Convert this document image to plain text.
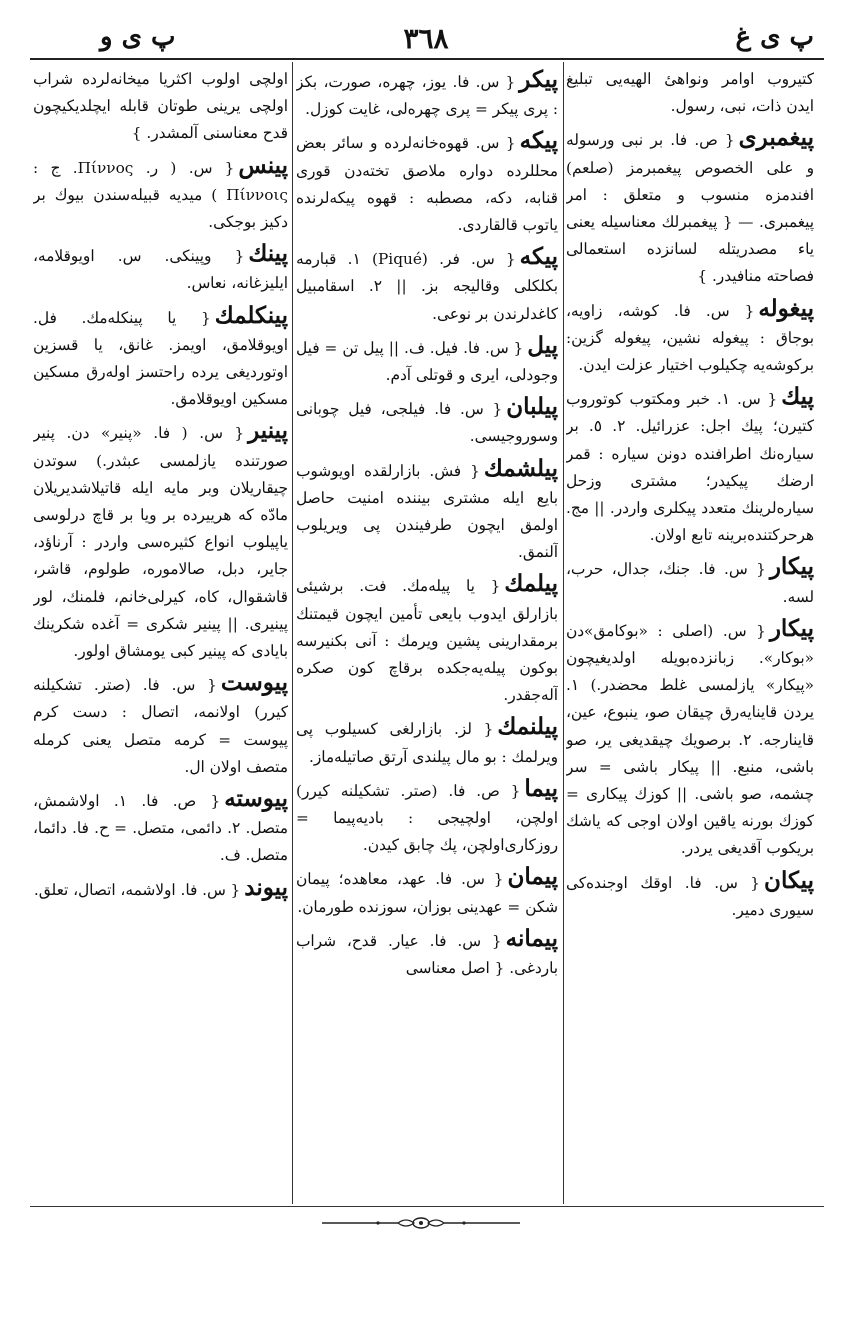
پ ى غ
٣٦٨
پ ى و
كتيروب اوامر ونواهىٔ الهيه‌يى تبليغ ايدن ذات، نبى، رسول.
پيغمبرى{ ص. فا. بر نبى ورسوله و على الخصوص پيغمبرمز (صلعم) افندمزه منسوب و متعلق : امر پيغمبرى. — { پيغمبرلك معناسيله يعنى ياء مصدريتله لسانزده استعمالى فصاحته منافيدر. }
پيغوله{ س. فا. كوشه، زاويه، بوجاق : پيغوله نشين، پيغوله گزين: بركوشه‌يه چكيلوب اختيار عزلت ايدن.
پيك{ س. ١. خبر ومكتوب كوتوروب كتيرن؛ پيك اجل: عزرائيل. ٢. ٥. بر سياره‌نك اطرافنده دونن سياره : قمر ارضك پيكيدر؛ مشترى وزحل سياره‌لرينك متعدد پيكلرى واردر. || مج. هرحركتنده‌برينه تابع اولان.
پيكار{ س. فا. جنك، جدال، حرب، لسه.
پيكار{ س. (اصلى : «بوكامق»دن «بوكار». زبانزده‌بويله اولديغيچون «پيكار» يازلمسى غلط محضدر.) ١. يردن قاينايه‌رق چيقان صو، ينبوع، عين، قاينارجه. ٢. برصويك چيقديغى ير، صو باشى، منبع. || پيكار باشى = سر چشمه، صو باشى. || كوزك پيكارى = كوزك بورنه ياقين اولان اوجى كه ياشك بريكوب آقديغى يردر.
پيكان{ س. فا. اوقك اوجنده‌كى سيورى دمير.
پيكر{ س. فا. يوز، چهره، صورت، بكز : پرى پيكر = پرى چهره‌لى، غايت كوزل.
پيكه{ س. قهوه‌خانه‌لرده و سائر بعض محللرده دواره ملاصق تخته‌دن قورى قنابه، دكه، مصطبه : قهوه پيكه‌لرنده ياتوب قالقاردى.
پيكه{ س. فر. (Piqué) ١. قبارمه بكلكلى وقاليجه بز. || ٢. اسقامبيل كاغدلرندن بر نوعى.
پيل{ س. فا. فيل. ف. || پيل تن = فيل وجودلى، ايرى و قوتلى آدم.
پيلبان{ س. فا. فيلجى، فيل چوبانى وسوروجيسى.
پيلشمك{ فش. بازارلقده اويوشوب بايع ايله مشترى بيننده امنيت حاصل اولمق ايچون طرفيندن پى ويريلوب آلنمق.
پيلمك{ يا پيله‌مك. فت. برشيئى بازارلق ايدوب بايعى تأمين ايچون قيمتنك برمقدارينى پشين ويرمك : آنى بكنيرسه بوكون پيله‌يه‌جكده برقاچ كون صكره آله‌جقدر.
پيلنمك{ لز. بازارلغى كسيلوب پى ويرلمك : بو مال پيلندى آرتق صاتيله‌ماز.
پيما{ ص. فا. (صتر. تشكيلنه كيرر) اولچن، اولچيجى : باديه‌پيما = روزكارى‌اولچن، پك چابق كيدن.
پيمان{ س. فا. عهد، معاهده؛ پيمان شكن = عهدينى بوزان، سوزنده طورمان.
پيمانه{ س. فا. عيار. قدح، شراب باردغى. { اصل معناسى
اولچى اولوب اكثريا ميخانه‌لرده شراب اولچى يرينى طوتان قابله ايچلديكيچون قدح معناسنى آلمشدر. }
پينس{ س. ( ر. Πίννος. ج : Πίννοις ) ميديه قبيله‌سندن بيوك بر دكيز بوجكى.
پينك{ وپينكى. س. اويوقلامه، ايليزغانه، نعاس.
پينكلمك{ يا پينكله‌مك. فل. اويوقلامق، اويمز. غانق، يا قسزين اوتورديغى يرده راحتسز اوله‌رق مسكين مسكين اويوقلامق.
پينير{ س. ( فا. «پنير» دن. پنير صورتنده يازلمسى عبثدر.) سوتدن چيقاريلان وبر مايه ايله قاتيلاشديريلان مادّه كه هرييرده بر ويا بر قاچ درلوسى ياپيلوب انواع كثيره‌سى واردر : آرناؤد، جاير، دبل، صالاموره، طولوم، قاشر، قاشقوال، كاه، كيرلى‌خانم، فلمنك، لور پينيرى. || پينير شكرى = آغده شكرينك بايادى كه پينير كبى يومشاق اولور.
پيوست{ س. فا. (صتر. تشكيلنه كيرر) اولانمه، اتصال : دست كرم پيوست = كرمه متصل يعنى كرمله متصف اولان ال.
پيوسته{ ص. فا. ١. اولاشمش، متصل. ٢. دائمى، متصل. = ح. فا. دائما، متصل. ف.
پيوند{ س. فا. اولاشمه، اتصال، تعلق.
